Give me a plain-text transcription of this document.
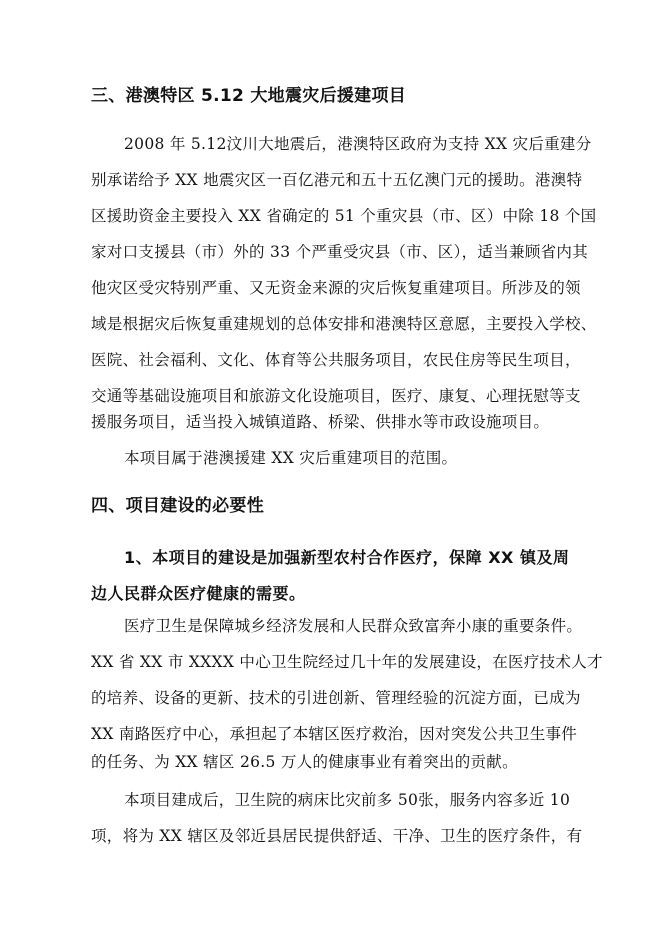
三、港澳特区 5.12 大地震灾后援建项目
2008 年 5.12汶川大地震后，港澳特区政府为支持 XX 灾后重建分
别承诺给予 XX 地震灾区一百亿港元和五十五亿澳门元的援助。港澳特
区援助资金主要投入 XX 省确定的 51 个重灾县（市、区）中除 18 个国
家对口支援县（市）外的 33 个严重受灾县（市、区），适当兼顾省内其
他灾区受灾特别严重、又无资金来源的灾后恢复重建项目。所涉及的领
域是根据灾后恢复重建规划的总体安排和港澳特区意愿，主要投入学校、
医院、社会福利、文化、体育等公共服务项目，农民住房等民生项目，
交通等基础设施项目和旅游文化设施项目，医疗、康复、心理抚慰等支
援服务项目，适当投入城镇道路、桥梁、供排水等市政设施项目。
本项目属于港澳援建 XX 灾后重建项目的范围。
四、项目建设的必要性
1、本项目的建设是加强新型农村合作医疗，保障 XX 镇及周
边人民群众医疗健康的需要。
医疗卫生是保障城乡经济发展和人民群众致富奔小康的重要条件。
XX 省 XX 市 XXXX 中心卫生院经过几十年的发展建设，在医疗技术人才
的培养、设备的更新、技术的引进创新、管理经验的沉淀方面，已成为
XX 南路医疗中心，承担起了本辖区医疗救治，因对突发公共卫生事件
的任务、为 XX 辖区 26.5 万人的健康事业有着突出的贡献。
本项目建成后，卫生院的病床比灾前多 50张，服务内容多近 10
项，将为 XX 辖区及邻近县居民提供舒适、干净、卫生的医疗条件，有
